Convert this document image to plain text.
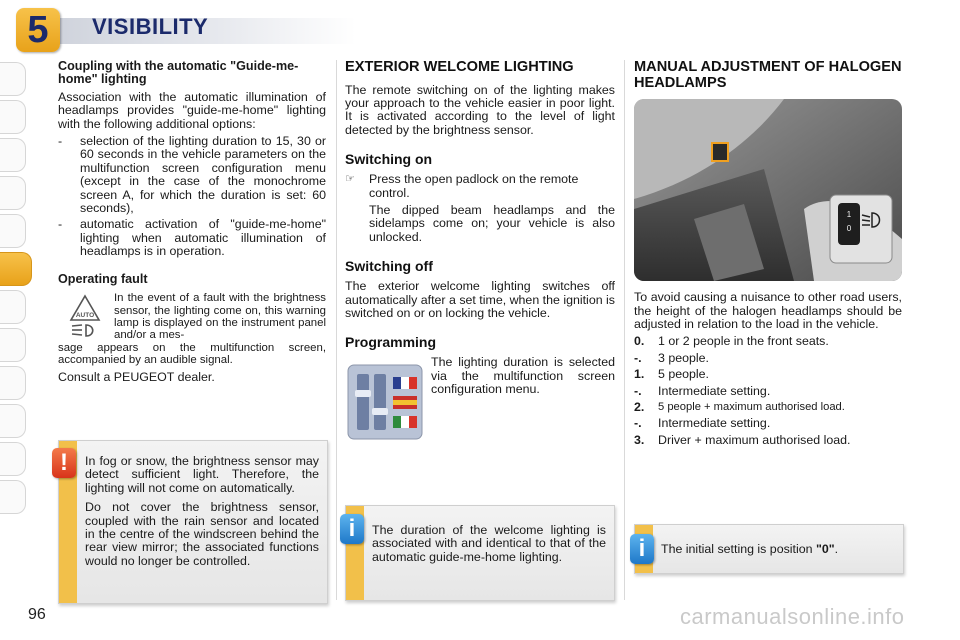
5	VISIBILITY
Coupling with the automatic "Guide-me-home" lighting

Association with the automatic illumination of headlamps provides "guide-me-home" lighting with the following additional options:

-	selection of the lighting duration to 15, 30 or 60 seconds in the vehicle parameters on the multifunction screen configuration menu (except in the case of the monochrome screen A, for which the duration is set: 60 seconds),
-	automatic activation of "guide-me-home" lighting when automatic illumination of headlamps is in operation.
Operating fault
AUTO
In the event of a fault with the brightness sensor, the lighting come on, this warning lamp is displayed on the instrument panel and/or a mes-

sage appears on the multifunction screen, accompanied by an audible signal.

Consult a PEUGEOT dealer.

In fog or snow, the brightness sensor may detect sufficient light. Therefore, the lighting will not come on automatically.

Do not cover the brightness sensor, coupled with the rain sensor and located in the centre of the windscreen behind the rear view mirror; the associated functions would no longer be controlled.

!
EXTERIOR WELCOME LIGHTING

The remote switching on of the lighting makes your approach to the vehicle easier in poor light. It is activated according to the level of light detected by the brightness sensor.

Switching on
☞	Press the open padlock on the remote control.

The dipped beam headlamps and the sidelamps come on; your vehicle is also unlocked.

Switching off

The exterior welcome lighting switches off automatically after a set time, when the ignition is switched on or on locking the vehicle.

Programming

The lighting duration is selected via the multifunction screen configuration menu.

The duration of the welcome lighting is associated with and identical to that of the automatic guide-me-home lighting.

i
MANUAL ADJUSTMENT OF HALOGEN HEADLAMPS
1
0

To avoid causing a nuisance to other road users, the height of the halogen headlamps should be adjusted in relation to the load in the vehicle.

0.	1 or 2 people in the front seats.
-.	3 people.
1.	5 people.
-.	Intermediate setting.
2.	5 people + maximum authorised load.
-.	Intermediate setting.
3.	Driver + maximum authorised load.
The initial setting is position "0".
i
96	carmanualsonline.info
